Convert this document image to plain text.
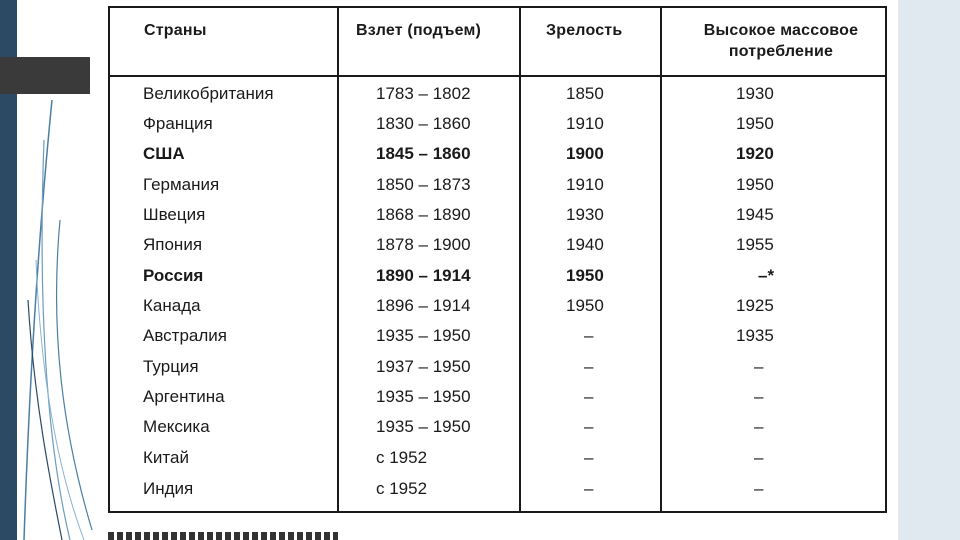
Страны	Взлет (подъем)	Зрелость	Высокое массовое
потребление
Великобритания	1783 – 1802	1850	1930
Франция	1830 – 1860	1910	1950
США	1845 – 1860	1900	1920
Германия	1850 – 1873	1910	1950
Швеция	1868 – 1890	1930	1945
Япония	1878 – 1900	1940	1955
Россия	1890 – 1914	1950	–*
Канада	1896 – 1914	1950	1925
Австралия	1935 – 1950	–	1935
Турция	1937 – 1950	–	–
Аргентина	1935 – 1950	–	–
Мексика	1935 – 1950	–	–
Китай	с 1952	–	–
Индия	с 1952	–	–
